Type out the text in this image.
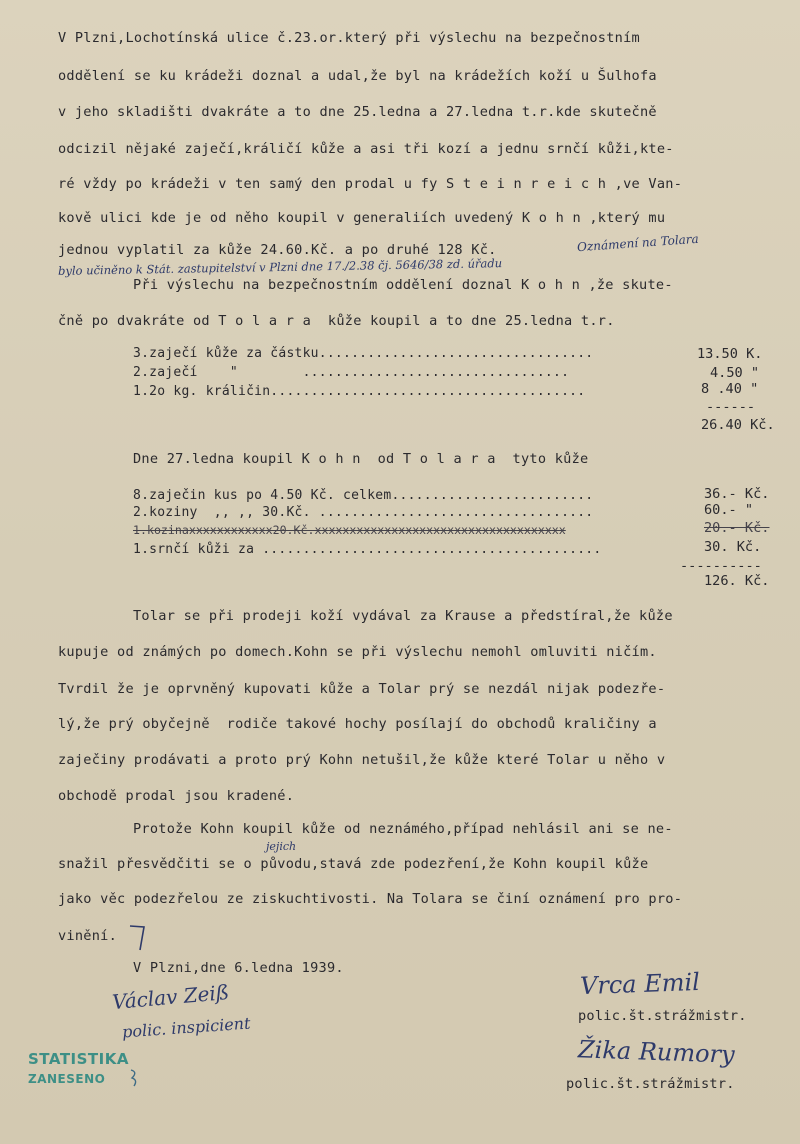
V Plzni,Lochotínská ulice č.23.or.který při výslechu na bezpečnostním
oddělení se ku krádeži doznal a udal,že byl na krádežích koží u Šulhofa
v jeho skladišti dvakráte a to dne 25.ledna a 27.ledna t.r.kde skutečně
odcizil nějaké zaječí,králičí kůže a asi tři kozí a jednu srnčí kůži,kte-
ré vždy po krádeži v ten samý den prodal u fy S t e i n r e i c h ,ve Van-
kově ulici kde je od něho koupil v generaliích uvedený K o h n ,který mu
jednou vyplatil za kůže 24.60.Kč. a po druhé 128 Kč.	Oznámení na Tolara
bylo učiněno k Stát. zastupitelství v Plzni dne 17./2.38 čj. 5646/38 zd. úřadu
Při výslechu na bezpečnostním oddělení doznal K o h n ,že skute-
čně po dvakráte od T o l a r a  kůže koupil a to dne 25.ledna t.r.
3.zaječí kůže za částku..................................	13.50 K.
2.zaječí    "        .................................	4.50 "
1.2o kg. králičin.......................................	8 .40 "
------
26.40 Kč.
Dne 27.ledna koupil K o h n  od T o l a r a  tyto kůže
8.zaječin kus po 4.50 Kč. celkem.........................	36.- Kč.
2.koziny  ,, ,, 30.Kč. ..................................	60.- "
1.kozinaxxxxxxxxxxxx20.Kč.xxxxxxxxxxxxxxxxxxxxxxxxxxxxxxxxxxxx	20.- Kč.
1.srnčí kůži za ..........................................	30. Kč.
----------
126. Kč.
Tolar se při prodeji koží vydával za Krause a předstíral,že kůže
kupuje od známých po domech.Kohn se při výslechu nemohl omluviti ničím.
Tvrdil že je oprvněný kupovati kůže a Tolar prý se nezdál nijak podezře-
lý,že prý obyčejně  rodiče takové hochy posílají do obchodů kraličiny a
zaječiny prodávati a proto prý Kohn netušil,že kůže které Tolar u něho v
obchodě prodal jsou kradené.
Protože Kohn koupil kůže od neznámého,případ nehlásil ani se ne-
jejich
snažil přesvědčiti se o původu,stavá zde podezření,že Kohn koupil kůže
jako věc podezřelou ze ziskuchtivosti. Na Tolara se činí oznámení pro pro-
vinění.
V Plzni,dne 6.ledna 1939.
Václav Zeiß
polic. inspicient
Vrca Emil
polic.št.strážmistr.
Žika Rumory
polic.št.strážmistr.
STATISTIKA
ZANESENO
